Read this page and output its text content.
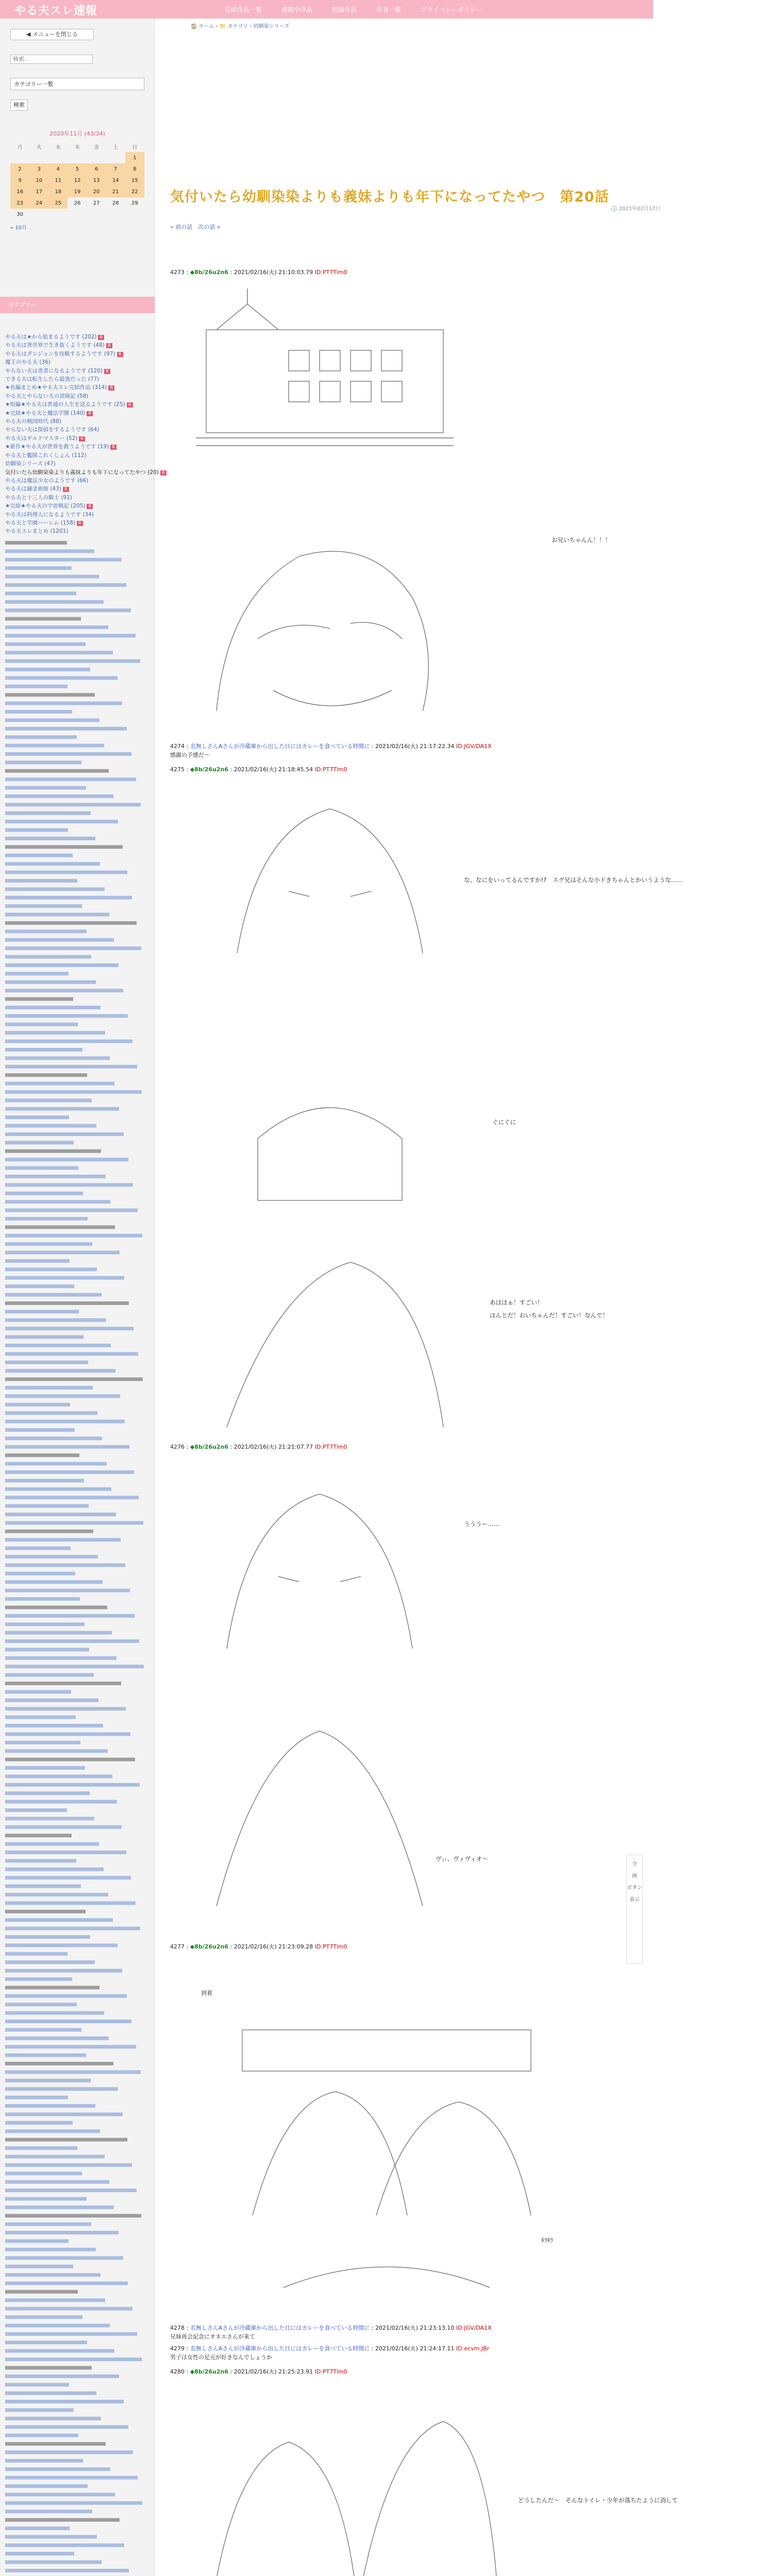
やる夫スレ速報	完結作品一覧	連載中作品	短編作品	作者一覧	プライバシーポリシー
◀ メニューを閉じる
検索...
カテゴリー一覧
検索
2020年11月 (43/34)
月	火	水	木	金	土	日
						1
2	3	4	5	6	7	8
9	10	11	12	13	14	15
16	17	18	19	20	21	22
23	24	25	26	27	28	29
30						
« 10月
カテゴリー
やる夫は★から始まるようです (202) R
やる夫は異世界で生き抜くようです (48) R
やる夫はダンジョンを攻略するようです (97) R
魔王のやる夫 (36)
やらない夫は勇者になるようです (120) R
できる夫は転生したら最強だった (77)
★長編まとめ★やる夫スレ完結作品 (314) R
やる夫とやらない夫の冒険記 (58)
★短編★やる夫は普通の人生を送るようです (25) R
★完結★やる夫と魔法学園 (140) R
やる夫の戦国時代 (88)
やらない夫は探偵をするようです (64)
やる夫はギルドマスター (52) R
★新作★やる夫が世界を救うようです (19) R
やる夫と艦隊これくしょん (112)
幼馴染シリーズ (47)
気付いたら幼馴染染よりも義妹よりも年下になってたやつ (20) R
やる夫は魔法少女のようです (66)
やる夫は錬金術師 (43) R
やる夫と十三人の騎士 (91)
★完結★やる夫の宇宙戦記 (205) R
やる夫は料理人になるようです (34)
やる夫と学園ハーレム (158) R
やる夫スレまとめ (1201)
🏠 ホーム › 📁 カテゴリ › 幼馴染シリーズ
気付いたら幼馴染染よりも義妹よりも年下になってたやつ　第20話
🕒 2021年02月17日
« 前の話　次の話 »
4273 : ◆8b/26u2n6 : 2021/02/16(火) 21:10:03.79 ID:PT7Tim0
お兄いちゃんん！！！
4274 : 名無しさんAさんが冷蔵庫から出した日にはカレーを食べている時間に : 2021/02/16(火) 21:17:22.34 ID:JGV/DA1X
感謝の予感だ〜
4275 : ◆8b/26u2n6 : 2021/02/16(火) 21:18:45.54 ID:PT7Tim0
な、なにをいってるんですか!?　スグ兄はそんな小ドきちゃんとかいうような……
ぐにぐに
あほほぁ！すごい！
ほんとだ！おいちゃんだ！すごい！なんで！
4276 : ◆8b/26u2n6 : 2021/02/16(火) 21:21:07.77 ID:PT7Tim0
うううー……
ヴぃ、ヴィヴィオ〜
4277 : ◆8b/26u2n6 : 2021/02/16(火) 21:23:09.28 ID:PT7Tim0
到着
ｷﾗｷﾗ
4278 : 名無しさんAさんが冷蔵庫から出した日にはカレーを食べている時間に : 2021/02/16(火) 21:23:13.10 ID:JGV/DA1X
兄妹再会記念にオネエさんが来て
4279 : 名無しさんAさんが冷蔵庫から出した日にはカレーを食べている時間に : 2021/02/16(火) 21:24:17.11 ID:ecvm.JBr
男子は女性の足元が好きなんでしょうか
4280 : ◆8b/26u2n6 : 2021/02/16(火) 21:25:23.91 ID:PT7Tim0
どうしたんだ～　そんなトイレ・少年が落ちたように消して
全
画
ボタン
表示
